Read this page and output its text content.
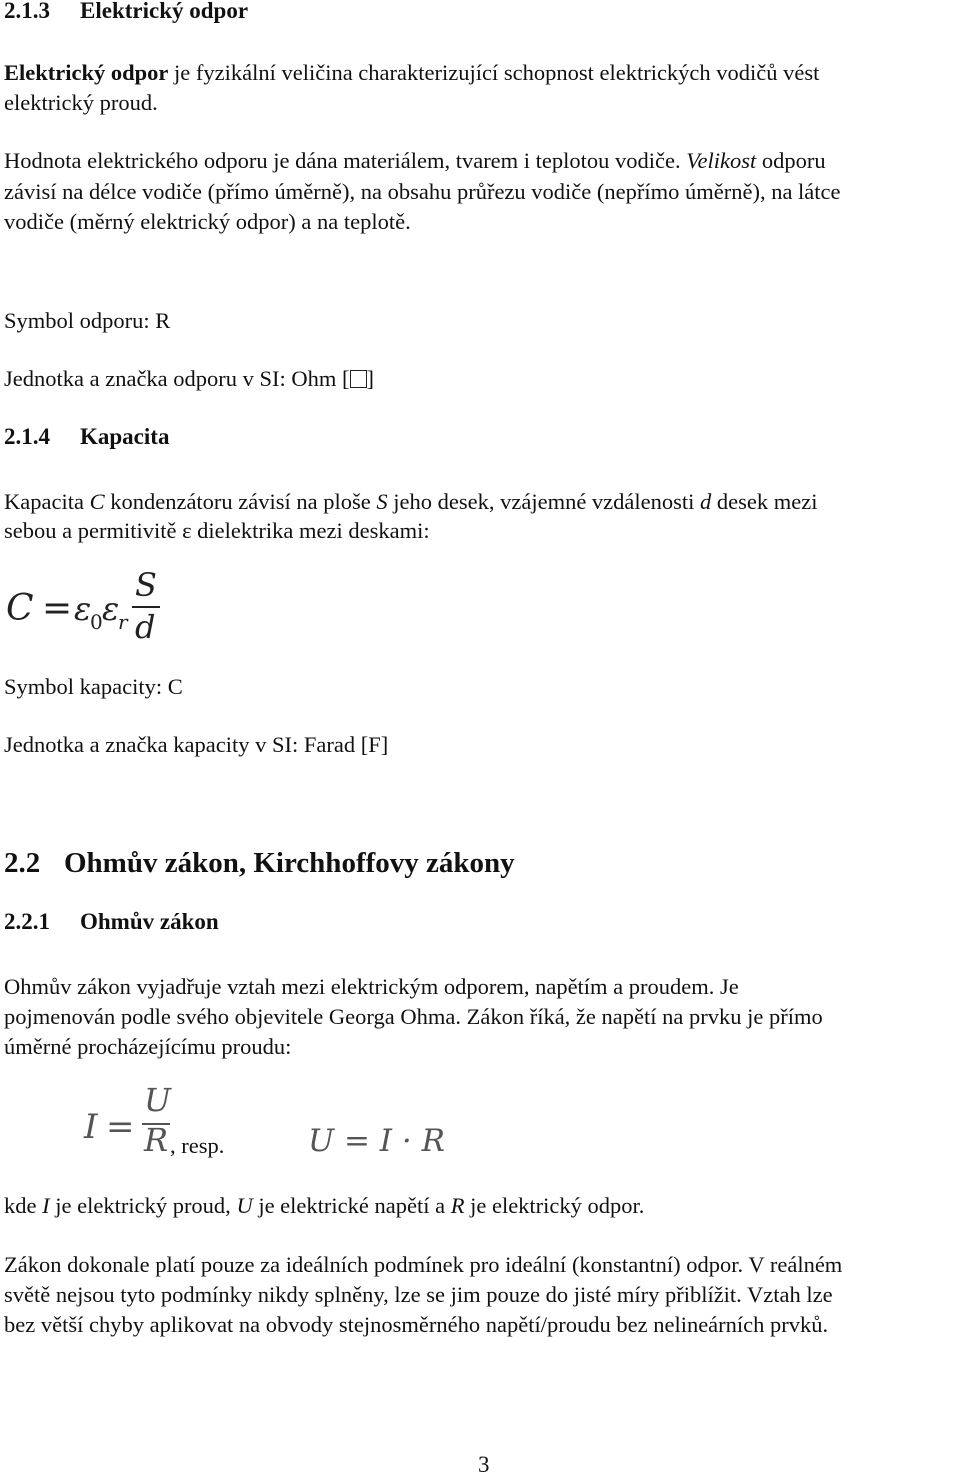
2.1.3 Elektrický odpor

Elektrický odpor je fyzikální veličina charakterizující schopnost elektrických vodičů vést

elektrický proud.

Hodnota elektrického odporu je dána materiálem, tvarem i teplotou vodiče. Velikost odporu

závisí na délce vodiče (přímo úměrně), na obsahu průřezu vodiče (nepřímo úměrně), na látce

vodiče (měrný elektrický odpor) a na teplotě.

Symbol odporu: R

Jednotka a značka odporu v SI: Ohm [ ]

2.1.4 Kapacita

Kapacita C kondenzátoru závisí na ploše S jeho desek, vzájemné vzdálenosti d desek mezi

sebou a permitivitě ε dielektrika mezi deskami:

C = ε
0 ε
r
S
d

Symbol kapacity: C

Jednotka a značka kapacity v SI: Farad [F]

2.2 Ohmův zákon, Kirchhoffovy zákony
2.2.1 Ohmův zákon

Ohmův zákon vyjadřuje vztah mezi elektrickým odporem, napětím a proudem. Je

pojmenován podle svého objevitele Georga Ohma. Zákon říká, že napětí na prvku je přímo

úměrné procházejícímu proudu:

I =
U
R , resp.	U = I · R

kde I je elektrický proud, U je elektrické napětí a R je elektrický odpor.

Zákon dokonale platí pouze za ideálních podmínek pro ideální (konstantní) odpor. V reálném

světě nejsou tyto podmínky nikdy splněny, lze se jim pouze do jisté míry přiblížit. Vztah lze

bez větší chyby aplikovat na obvody stejnosměrného napětí/proudu bez nelineárních prvků.

3
